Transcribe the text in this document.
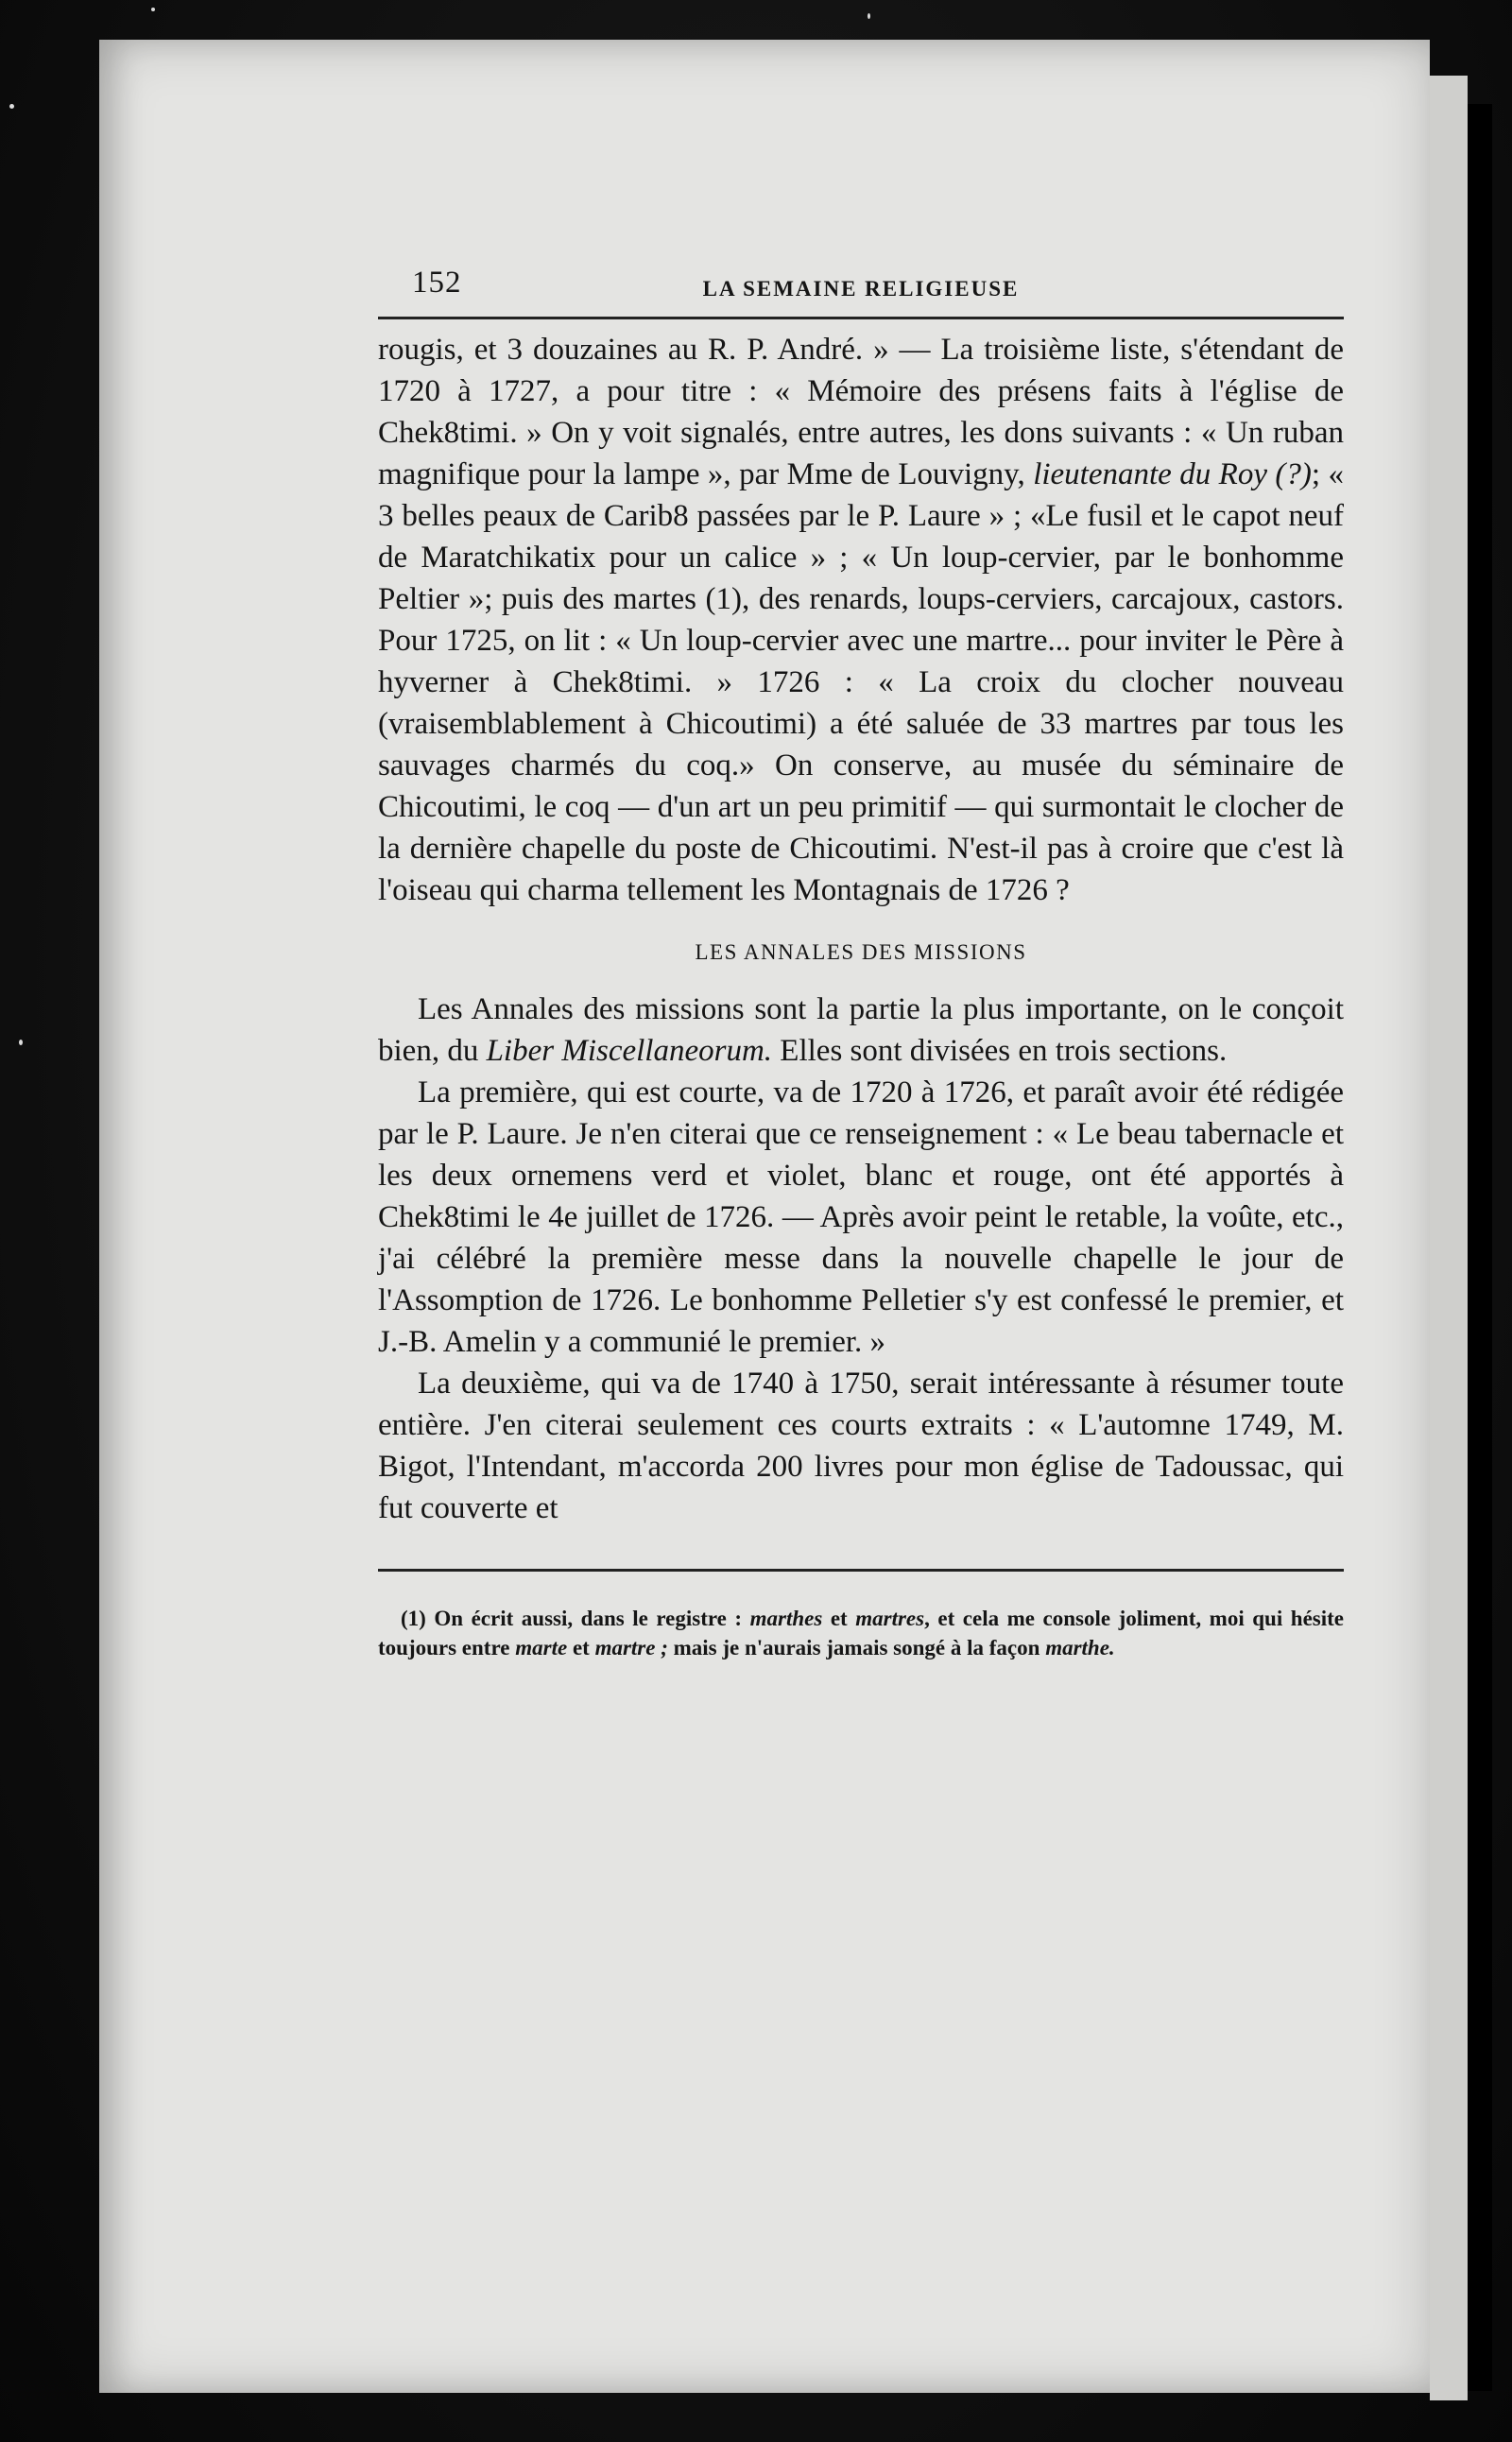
152	LA SEMAINE RELIGIEUSE

rougis, et 3 douzaines au R. P. André. » — La troisième liste, s'étendant de 1720 à 1727, a pour titre : « Mémoire des présens faits à l'église de Chek8timi. » On y voit signalés, entre autres, les dons suivants : « Un ruban magnifique pour la lampe », par Mme de Louvigny, lieutenante du Roy (?); « 3 belles peaux de Carib8 passées par le P. Laure » ; «Le fusil et le capot neuf de Maratchikatix pour un calice » ; « Un loup-cervier, par le bonhomme Peltier »; puis des martes (1), des renards, loups-cerviers, carcajoux, castors. Pour 1725, on lit : « Un loup-cervier avec une martre... pour inviter le Père à hyverner à Chek8timi. » 1726 : « La croix du clocher nouveau (vraisemblablement à Chicoutimi) a été saluée de 33 martres par tous les sauvages charmés du coq.» On conserve, au musée du séminaire de Chicoutimi, le coq — d'un art un peu primitif — qui surmontait le clocher de la dernière chapelle du poste de Chicoutimi. N'est-il pas à croire que c'est là l'oiseau qui charma tellement les Montagnais de 1726 ?

LES ANNALES DES MISSIONS

Les Annales des missions sont la partie la plus importante, on le conçoit bien, du Liber Miscellaneorum. Elles sont divisées en trois sections.

La première, qui est courte, va de 1720 à 1726, et paraît avoir été rédigée par le P. Laure. Je n'en citerai que ce renseignement : « Le beau tabernacle et les deux ornemens verd et violet, blanc et rouge, ont été apportés à Chek8timi le 4e juillet de 1726. — Après avoir peint le retable, la voûte, etc., j'ai célébré la première messe dans la nouvelle chapelle le jour de l'Assomption de 1726. Le bonhomme Pelletier s'y est confessé le premier, et J.-B. Amelin y a communié le premier. »

La deuxième, qui va de 1740 à 1750, serait intéressante à résumer toute entière. J'en citerai seulement ces courts extraits : « L'automne 1749, M. Bigot, l'Intendant, m'accorda 200 livres pour mon église de Tadoussac, qui fut couverte et

(1) On écrit aussi, dans le registre : marthes et martres, et cela me console joliment, moi qui hésite toujours entre marte et martre ; mais je n'aurais jamais songé à la façon marthe.
